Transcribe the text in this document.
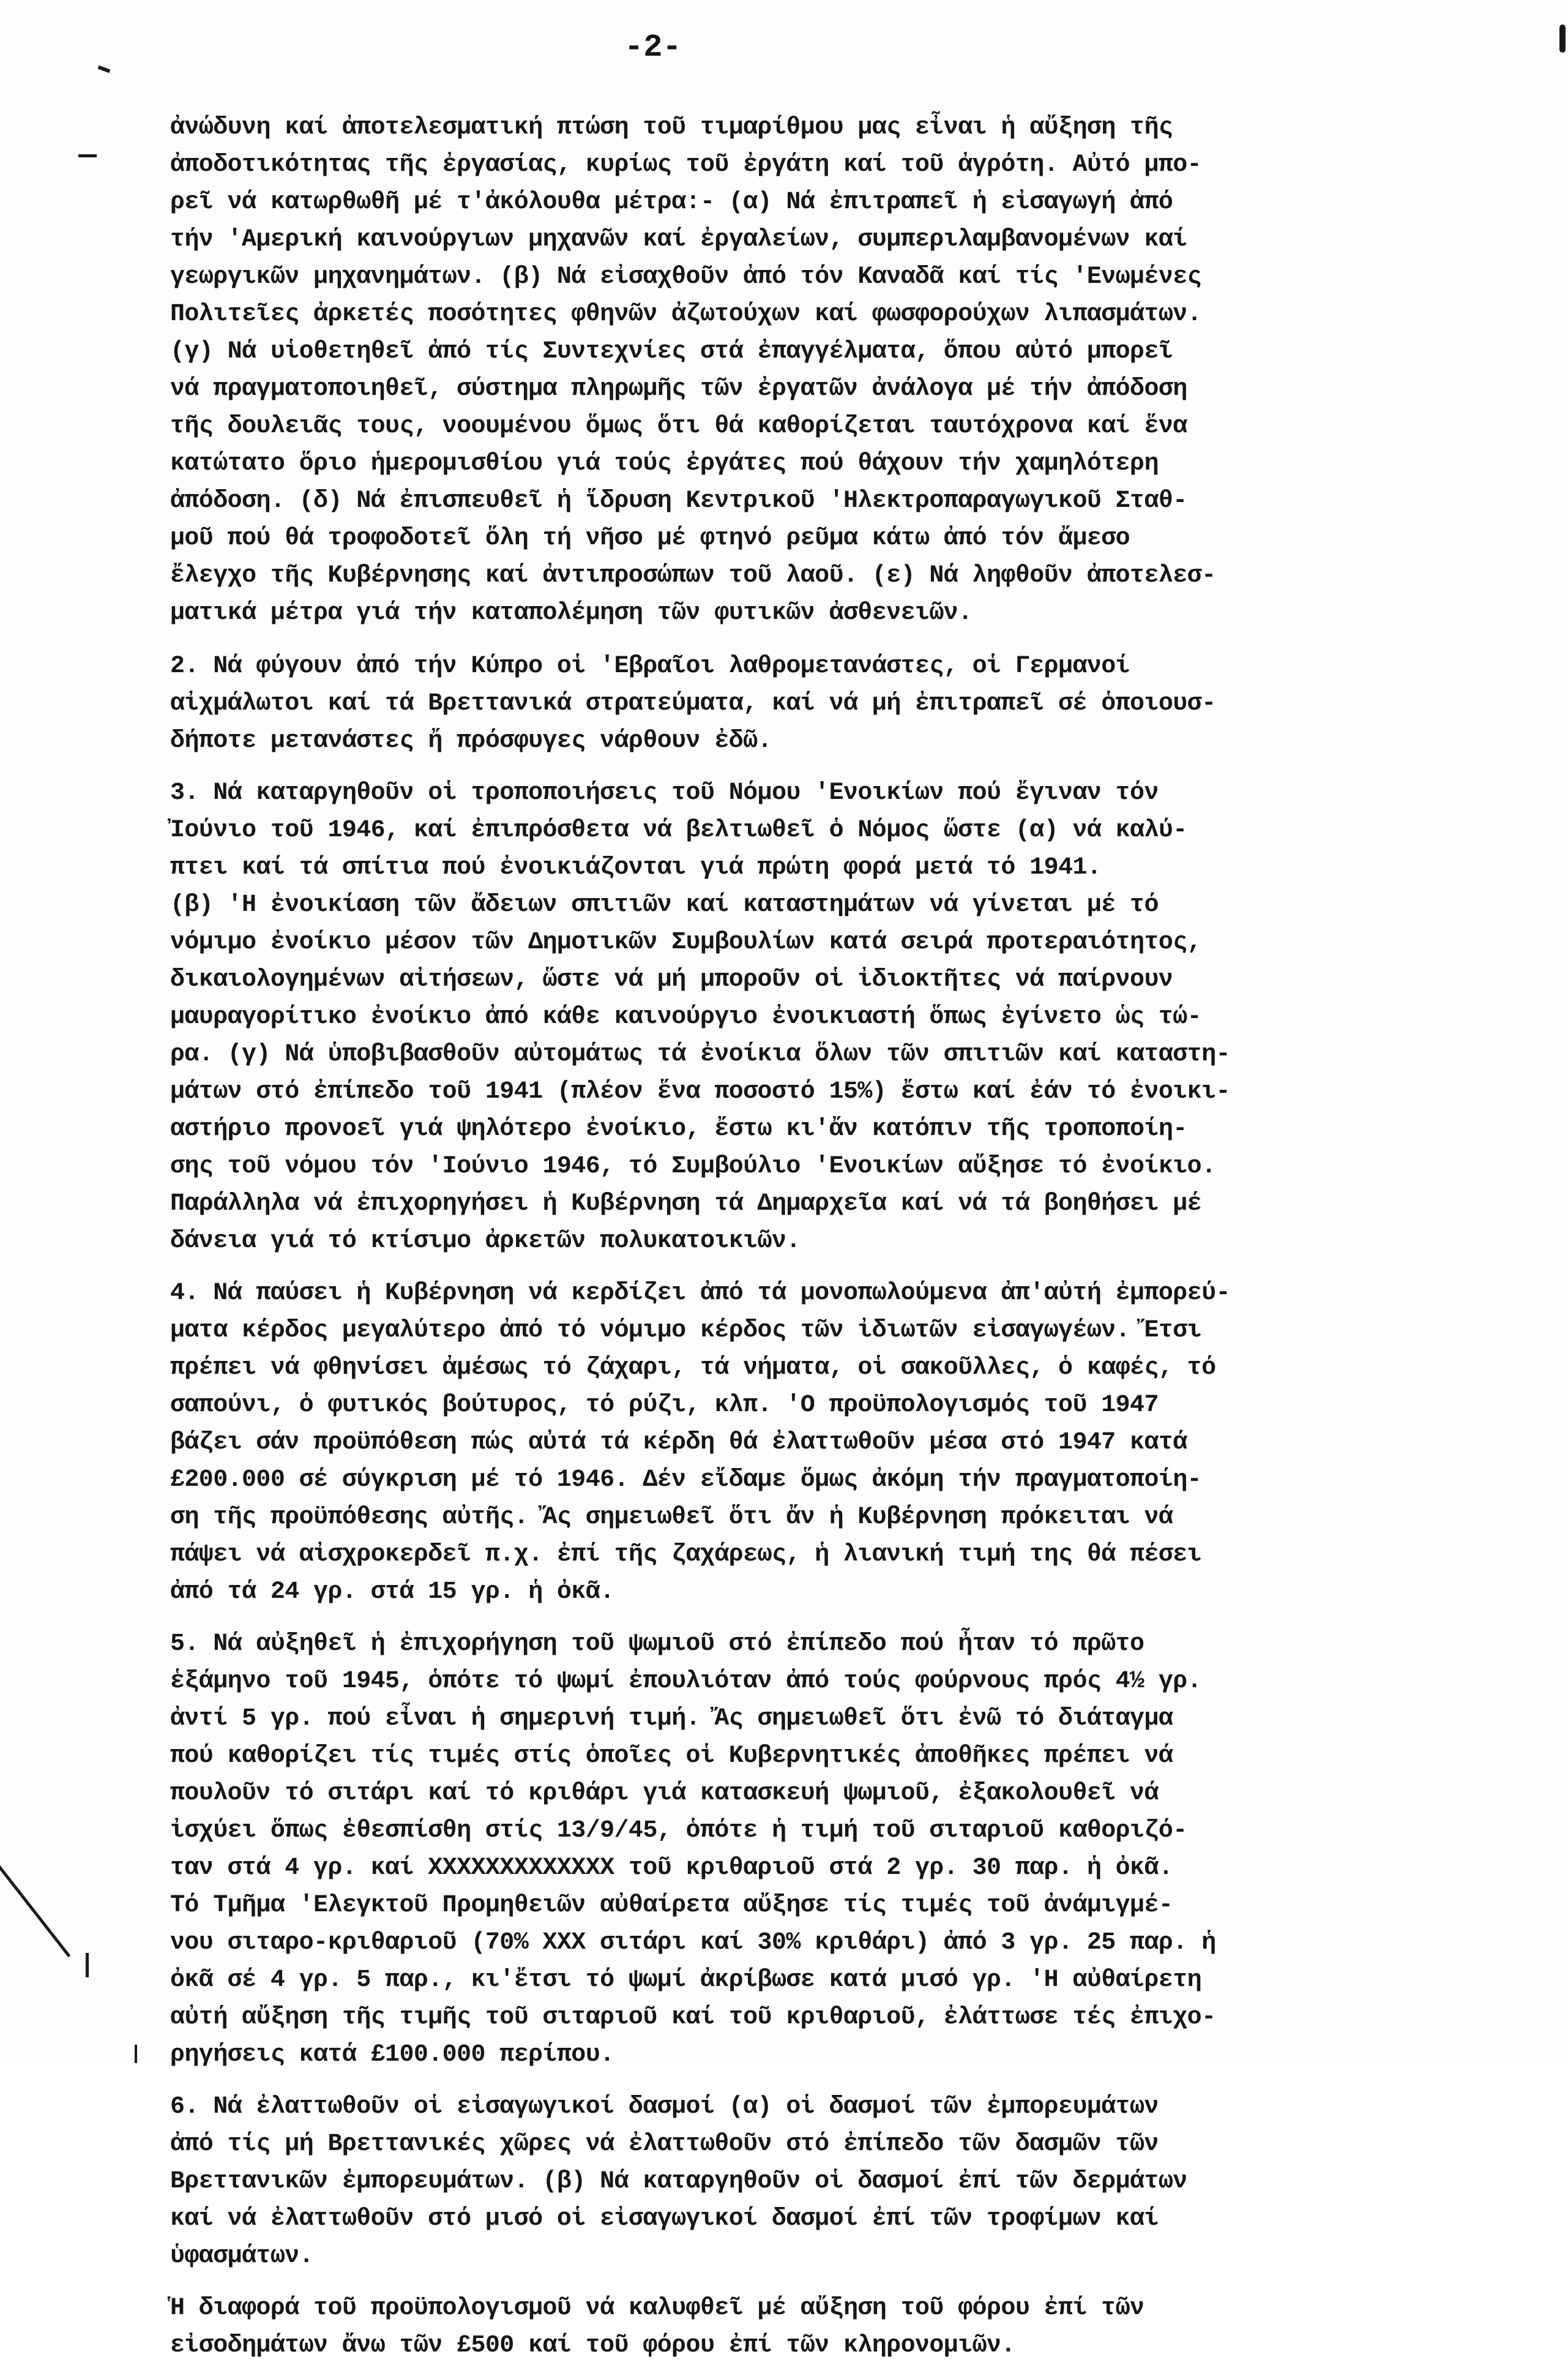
-2-

ἀνώδυνη καί ἀποτελεσματική πτώση τοῦ τιμαρίθμου μας εἶναι ἡ αὔξηση τῆς
ἀποδοτικότητας τῆς ἐργασίας, κυρίως τοῦ ἐργάτη καί τοῦ ἀγρότη. Αὐτό μπο-
ρεῖ νά κατωρθωθῆ μέ τ'ἀκόλουθα μέτρα:- (α) Νά ἐπιτραπεῖ ἡ εἰσαγωγή ἀπό
τήν 'Αμερική καινούργιων μηχανῶν καί ἐργαλείων, συμπεριλαμβανομένων καί
γεωργικῶν μηχανημάτων. (β) Νά εἰσαχθοῦν ἀπό τόν Καναδᾶ καί τίς 'Ενωμένες
Πολιτεῖες ἀρκετές ποσότητες φθηνῶν ἀζωτούχων καί φωσφορούχων λιπασμάτων.
(γ) Νά υἱοθετηθεῖ ἀπό τίς Συντεχνίες στά ἐπαγγέλματα, ὅπου αὐτό μπορεῖ
νά πραγματοποιηθεῖ, σύστημα πληρωμῆς τῶν ἐργατῶν ἀνάλογα μέ τήν ἀπόδοση
τῆς δουλειᾶς τους, νοουμένου ὅμως ὅτι θά καθορίζεται ταυτόχρονα καί ἕνα
κατώτατο ὅριο ἡμερομισθίου γιά τούς ἐργάτες πού θάχουν τήν χαμηλότερη
ἀπόδοση. (δ) Νά ἐπισπευθεῖ ἡ ἵδρυση Κεντρικοῦ 'Ηλεκτροπαραγωγικοῦ Σταθ-
μοῦ πού θά τροφοδοτεῖ ὅλη τή νῆσο μέ φτηνό ρεῦμα κάτω ἀπό τόν ἄμεσο
ἔλεγχο τῆς Κυβέρνησης καί ἀντιπροσώπων τοῦ λαοῦ. (ε) Νά ληφθοῦν ἀποτελεσ-
ματικά μέτρα γιά τήν καταπολέμηση τῶν φυτικῶν ἀσθενειῶν.

2. Νά φύγουν ἀπό τήν Κύπρο οἱ 'Εβραῖοι λαθρομετανάστες, οἱ Γερμανοί
αἰχμάλωτοι καί τά Βρεττανικά στρατεύματα, καί νά μή ἐπιτραπεῖ σέ ὁποιουσ-
δήποτε μετανάστες ἤ πρόσφυγες νάρθουν ἐδῶ.

3. Νά καταργηθοῦν οἱ τροποποιήσεις τοῦ Νόμου 'Ενοικίων πού ἔγιναν τόν
Ἰούνιο τοῦ 1946, καί ἐπιπρόσθετα νά βελτιωθεῖ ὁ Νόμος ὥστε (α) νά καλύ-
πτει καί τά σπίτια πού ἐνοικιάζονται γιά πρώτη φορά μετά τό 1941.
(β) 'Η ἐνοικίαση τῶν ἄδειων σπιτιῶν καί καταστημάτων νά γίνεται μέ τό
νόμιμο ἐνοίκιο μέσον τῶν Δημοτικῶν Συμβουλίων κατά σειρά προτεραιότητος,
δικαιολογημένων αἰτήσεων, ὥστε νά μή μποροῦν οἱ ἰδιοκτῆτες νά παίρνουν
μαυραγορίτικο ἐνοίκιο ἀπό κάθε καινούργιο ἐνοικιαστή ὅπως ἐγίνετο ὡς τώ-
ρα. (γ) Νά ὑποβιβασθοῦν αὐτομάτως τά ἐνοίκια ὅλων τῶν σπιτιῶν καί καταστη-
μάτων στό ἐπίπεδο τοῦ 1941 (πλέον ἕνα ποσοστό 15%) ἔστω καί ἐάν τό ἐνοικι-
αστήριο προνοεῖ γιά ψηλότερο ἐνοίκιο, ἔστω κι'ἄν κατόπιν τῆς τροποποίη-
σης τοῦ νόμου τόν 'Ιούνιο 1946, τό Συμβούλιο 'Ενοικίων αὔξησε τό ἐνοίκιο.
Παράλληλα νά ἐπιχορηγήσει ἡ Κυβέρνηση τά Δημαρχεῖα καί νά τά βοηθήσει μέ
δάνεια γιά τό κτίσιμο ἀρκετῶν πολυκατοικιῶν.

4. Νά παύσει ἡ Κυβέρνηση νά κερδίζει ἀπό τά μονοπωλούμενα ἀπ'αὐτή ἐμπορεύ-
ματα κέρδος μεγαλύτερο ἀπό τό νόμιμο κέρδος τῶν ἰδιωτῶν εἰσαγωγέων. Ἔτσι
πρέπει νά φθηνίσει ἀμέσως τό ζάχαρι, τά νήματα, οἱ σακοῦλλες, ὁ καφές, τό
σαπούνι, ὁ φυτικός βούτυρος, τό ρύζι, κλπ. 'Ο προϋπολογισμός τοῦ 1947
βάζει σάν προϋπόθεση πώς αὐτά τά κέρδη θά ἐλαττωθοῦν μέσα στό 1947 κατά
£200.000 σέ σύγκριση μέ τό 1946. Δέν εἴδαμε ὅμως ἀκόμη τήν πραγματοποίη-
ση τῆς προϋπόθεσης αὐτῆς. Ἄς σημειωθεῖ ὅτι ἄν ἡ Κυβέρνηση πρόκειται νά
πάψει νά αἰσχροκερδεῖ π.χ. ἐπί τῆς ζαχάρεως, ἡ λιανική τιμή της θά πέσει
ἀπό τά 24 γρ. στά 15 γρ. ἡ ὀκᾶ.

5. Νά αὐξηθεῖ ἡ ἐπιχορήγηση τοῦ ψωμιοῦ στό ἐπίπεδο πού ἦταν τό πρῶτο
ἑξάμηνο τοῦ 1945, ὁπότε τό ψωμί ἐπουλιόταν ἀπό τούς φούρνους πρός 4½ γρ.
ἀντί 5 γρ. πού εἶναι ἡ σημερινή τιμή. Ἄς σημειωθεῖ ὅτι ἐνῶ τό διάταγμα
πού καθορίζει τίς τιμές στίς ὁποῖες οἱ Κυβερνητικές ἀποθῆκες πρέπει νά
πουλοῦν τό σιτάρι καί τό κριθάρι γιά κατασκευή ψωμιοῦ, ἐξακολουθεῖ νά
ἰσχύει ὅπως ἐθεσπίσθη στίς 13/9/45, ὁπότε ἡ τιμή τοῦ σιταριοῦ καθοριζό-
ταν στά 4 γρ. καί XXXXXXXXXXXXX τοῦ κριθαριοῦ στά 2 γρ. 30 παρ. ἡ ὀκᾶ.
Τό Τμῆμα 'Ελεγκτοῦ Προμηθειῶν αὐθαίρετα αὔξησε τίς τιμές τοῦ ἀνάμιγμέ-
νου σιταρο-κριθαριοῦ (70% XXX σιτάρι καί 30% κριθάρι) ἀπό 3 γρ. 25 παρ. ἡ
ὀκᾶ σέ 4 γρ. 5 παρ., κι'ἔτσι τό ψωμί ἀκρίβωσε κατά μισό γρ. 'Η αὐθαίρετη
αὐτή αὔξηση τῆς τιμῆς τοῦ σιταριοῦ καί τοῦ κριθαριοῦ, ἐλάττωσε τές ἐπιχο-
ρηγήσεις κατά £100.000 περίπου.

6. Νά ἐλαττωθοῦν οἱ εἰσαγωγικοί δασμοί (α) οἱ δασμοί τῶν ἐμπορευμάτων
ἀπό τίς μή Βρεττανικές χῶρες νά ἐλαττωθοῦν στό ἐπίπεδο τῶν δασμῶν τῶν
Βρεττανικῶν ἐμπορευμάτων. (β) Νά καταργηθοῦν οἱ δασμοί ἐπί τῶν δερμάτων
καί νά ἐλαττωθοῦν στό μισό οἱ εἰσαγωγικοί δασμοί ἐπί τῶν τροφίμων καί
ὑφασμάτων.

Ἡ διαφορά τοῦ προϋπολογισμοῦ νά καλυφθεῖ μέ αὔξηση τοῦ φόρου ἐπί τῶν
εἰσοδημάτων ἄνω τῶν £500 καί τοῦ φόρου ἐπί τῶν κληρονομιῶν.
